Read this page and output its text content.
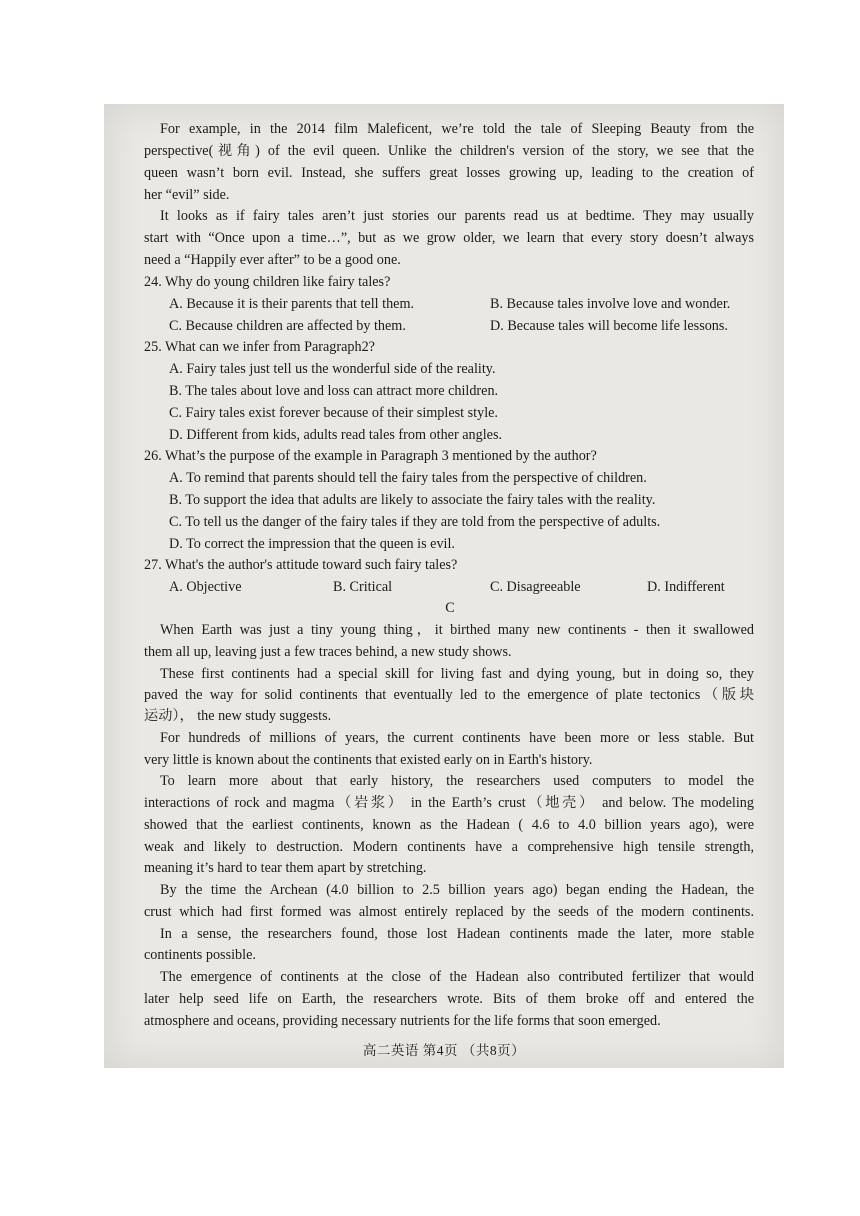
For example, in the 2014 film Maleficent, we’re told the tale of Sleeping Beauty from the
perspective(视角) of the evil queen. Unlike the children's version of the story, we see that the
queen wasn’t born evil. Instead, she suffers great losses growing up, leading to the creation of
her “evil” side.
It looks as if fairy tales aren’t just stories our parents read us at bedtime. They may usually
start with “Once upon a time…”, but as we grow older, we learn that every story doesn’t always
need a “Happily ever after” to be a good one.
24. Why do young children like fairy tales?
A. Because it is their parents that tell them.	B. Because tales involve love and wonder.
C. Because children are affected by them.	D. Because tales will become life lessons.
25. What can we infer from Paragraph2?
A. Fairy tales just tell us the wonderful side of the reality.
B. The tales about love and loss can attract more children.
C. Fairy tales exist forever because of their simplest style.
D. Different from kids, adults read tales from other angles.
26. What’s the purpose of the example in Paragraph 3 mentioned by the author?
A. To remind that parents should tell the fairy tales from the perspective of children.
B. To support the idea that adults are likely to associate the fairy tales with the reality.
C. To tell us the danger of the fairy tales if they are told from the perspective of adults.
D. To correct the impression that the queen is evil.
27. What's the author's attitude toward such fairy tales?
A. Objective	B. Critical	C. Disagreeable	D. Indifferent
C
When Earth was just a tiny young thing，it birthed many new continents - then it swallowed
them all up, leaving just a few traces behind, a new study shows.
These first continents had a special skill for living fast and dying young, but in doing so, they
paved the way for solid continents that eventually led to the emergence of plate tectonics（版块
运动）， the new study suggests.
For hundreds of millions of years, the current continents have been more or less stable. But
very little is known about the continents that existed early on in Earth's history.
To learn more about that early history, the researchers used computers to model the
interactions of rock and magma（岩浆） in the Earth’s crust（地壳） and below. The modeling
showed that the earliest continents, known as the Hadean ( 4.6 to 4.0 billion years ago), were
weak and likely to destruction. Modern continents have a comprehensive high tensile strength,
meaning it’s hard to tear them apart by stretching.
By the time the Archean (4.0 billion to 2.5 billion years ago) began ending the Hadean, the
crust which had first formed was almost entirely replaced by the seeds of the modern continents.
In a sense, the researchers found, those lost Hadean continents made the later, more stable
continents possible.
The emergence of continents at the close of the Hadean also contributed fertilizer that would
later help seed life on Earth, the researchers wrote. Bits of them broke off and entered the
atmosphere and oceans, providing necessary nutrients for the life forms that soon emerged.
高二英语 第4页 （共8页）
